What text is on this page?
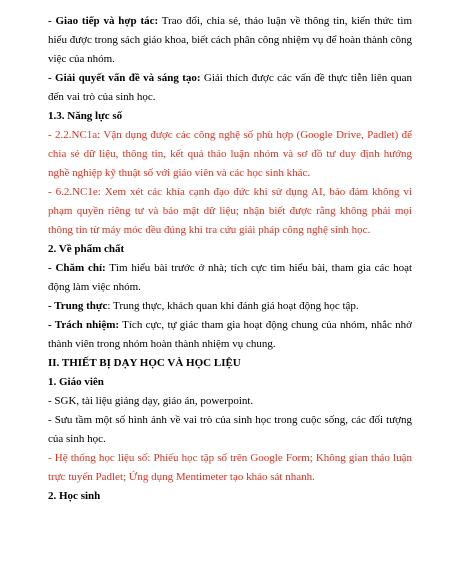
- Giao tiếp và hợp tác: Trao đổi, chia sẻ, thảo luận về thông tin, kiến thức tìm hiểu được trong sách giáo khoa, biết cách phân công nhiệm vụ để hoàn thành công việc của nhóm.

- Giải quyết vấn đề và sáng tạo: Giải thích được các vấn đề thực tiễn liên quan đến vai trò của sinh học.

1.3. Năng lực số

- 2.2.NC1a: Vận dụng được các công nghệ số phù hợp (Google Drive, Padlet) để chia sẻ dữ liệu, thông tin, kết quả thảo luận nhóm và sơ đồ tư duy định hướng nghề nghiệp kỹ thuật số với giáo viên và các học sinh khác.

- 6.2.NC1e: Xem xét các khía cạnh đạo đức khi sử dụng AI, bảo đảm không vi phạm quyền riêng tư và bảo mật dữ liệu; nhận biết được rằng không phải mọi thông tin từ máy móc đều đúng khi tra cứu giải pháp công nghệ sinh học.

2. Về phẩm chất

- Chăm chỉ: Tìm hiểu bài trước ở nhà; tích cực tìm hiểu bài, tham gia các hoạt động làm việc nhóm.

- Trung thực: Trung thực, khách quan khi đánh giá hoạt động học tập.

- Trách nhiệm: Tích cực, tự giác tham gia hoạt động chung của nhóm, nhắc nhở thành viên trong nhóm hoàn thành nhiệm vụ chung.

II. THIẾT BỊ DẠY HỌC VÀ HỌC LIỆU

1. Giáo viên

- SGK, tài liệu giảng dạy, giáo án, powerpoint.

- Sưu tầm một số hình ảnh về vai trò của sinh học trong cuộc sống, các đối tượng của sinh học.

- Hệ thống học liệu số: Phiếu học tập số trên Google Form; Không gian thảo luận trực tuyến Padlet; Ứng dụng Mentimeter tạo khảo sát nhanh.

2. Học sinh
